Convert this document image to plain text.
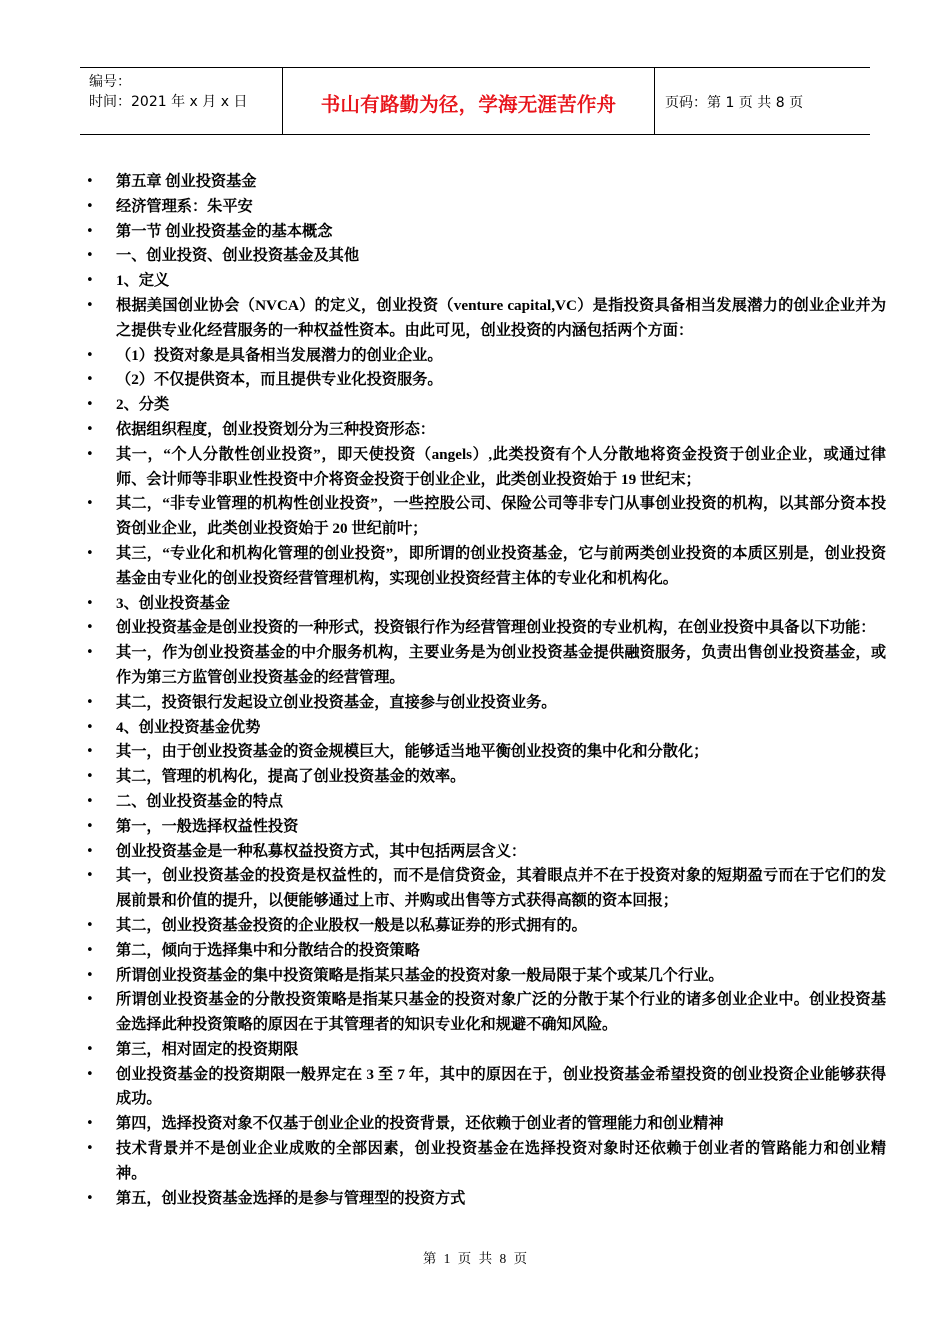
编号：
时间：2021 年 x 月 x 日	书山有路勤为径，学海无涯苦作舟	页码：第 1 页 共 8 页
• 第五章 创业投资基金
• 经济管理系：朱平安
• 第一节 创业投资基金的基本概念
• 一、创业投资、创业投资基金及其他
• 1、定义
• 根据美国创业协会（NVCA）的定义，创业投资（venture capital,VC）是指投资具备相当发展潜力的创业企业并为之提供专业化经营服务的一种权益性资本。由此可见，创业投资的内涵包括两个方面：
• （1）投资对象是具备相当发展潜力的创业企业。
• （2）不仅提供资本，而且提供专业化投资服务。
• 2、分类
• 依据组织程度，创业投资划分为三种投资形态：
• 其一，“个人分散性创业投资”，即天使投资（angels）,此类投资有个人分散地将资金投资于创业企业，或通过律师、会计师等非职业性投资中介将资金投资于创业企业，此类创业投资始于 19 世纪末；
• 其二，“非专业管理的机构性创业投资”，一些控股公司、保险公司等非专门从事创业投资的机构，以其部分资本投资创业企业，此类创业投资始于 20 世纪前叶；
• 其三，“专业化和机构化管理的创业投资”，即所谓的创业投资基金，它与前两类创业投资的本质区别是，创业投资基金由专业化的创业投资经营管理机构，实现创业投资经营主体的专业化和机构化。
• 3、创业投资基金
• 创业投资基金是创业投资的一种形式，投资银行作为经营管理创业投资的专业机构，在创业投资中具备以下功能：
• 其一，作为创业投资基金的中介服务机构，主要业务是为创业投资基金提供融资服务，负责出售创业投资基金，或作为第三方监管创业投资基金的经营管理。
• 其二，投资银行发起设立创业投资基金，直接参与创业投资业务。
• 4、创业投资基金优势
• 其一，由于创业投资基金的资金规模巨大，能够适当地平衡创业投资的集中化和分散化；
• 其二，管理的机构化，提高了创业投资基金的效率。
• 二、创业投资基金的特点
• 第一，一般选择权益性投资
• 创业投资基金是一种私募权益投资方式，其中包括两层含义：
• 其一，创业投资基金的投资是权益性的，而不是信贷资金，其着眼点并不在于投资对象的短期盈亏而在于它们的发展前景和价值的提升，以便能够通过上市、并购或出售等方式获得高额的资本回报；
• 其二，创业投资基金投资的企业股权一般是以私募证券的形式拥有的。
• 第二，倾向于选择集中和分散结合的投资策略
• 所谓创业投资基金的集中投资策略是指某只基金的投资对象一般局限于某个或某几个行业。
• 所谓创业投资基金的分散投资策略是指某只基金的投资对象广泛的分散于某个行业的诸多创业企业中。创业投资基金选择此种投资策略的原因在于其管理者的知识专业化和规避不确知风险。
• 第三，相对固定的投资期限
• 创业投资基金的投资期限一般界定在 3 至 7 年，其中的原因在于，创业投资基金希望投资的创业投资企业能够获得成功。
• 第四，选择投资对象不仅基于创业企业的投资背景，还依赖于创业者的管理能力和创业精神
• 技术背景并不是创业企业成败的全部因素，创业投资基金在选择投资对象时还依赖于创业者的管路能力和创业精神。
• 第五，创业投资基金选择的是参与管理型的投资方式
第 1 页 共 8 页
